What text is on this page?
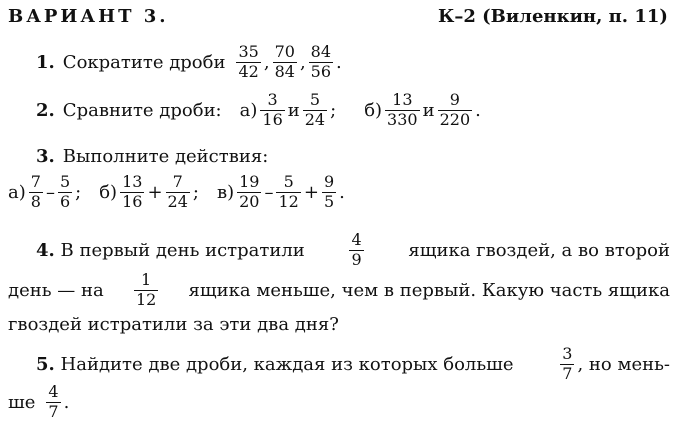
ВАРИАНТ 3.	К–2 (Виленкин, п. 11)
1. Сократите дроби $\frac{35}{42}$ , $\frac{70}{84}$ , $\frac{84}{56}$ .
2. Сравните дроби: $а) \frac{3}{16}$ и $\frac{5}{24}$ ; $б) \frac{13}{330}$ и $\frac{9}{220}$ .
3. Выполните действия:
$а) \frac{7}{8} - \frac{5}{6}$ ; $б) \frac{13}{16} + \frac{7}{24}$ ; $в) \frac{19}{20} - \frac{5}{12} + \frac{9}{5}$ .
4. В первый день истратили	$\frac{4}{9}$ ящика гвоздей, а во второй
день — на $\frac{1}{12}$ ящика меньше, чем в первый. Какую часть ящика
гвоздей истратили за эти два дня?
5. Найдите две дроби, каждая из которых больше	$\frac{3}{7}$ , но мень-
ше $\frac{4}{7}$ .
